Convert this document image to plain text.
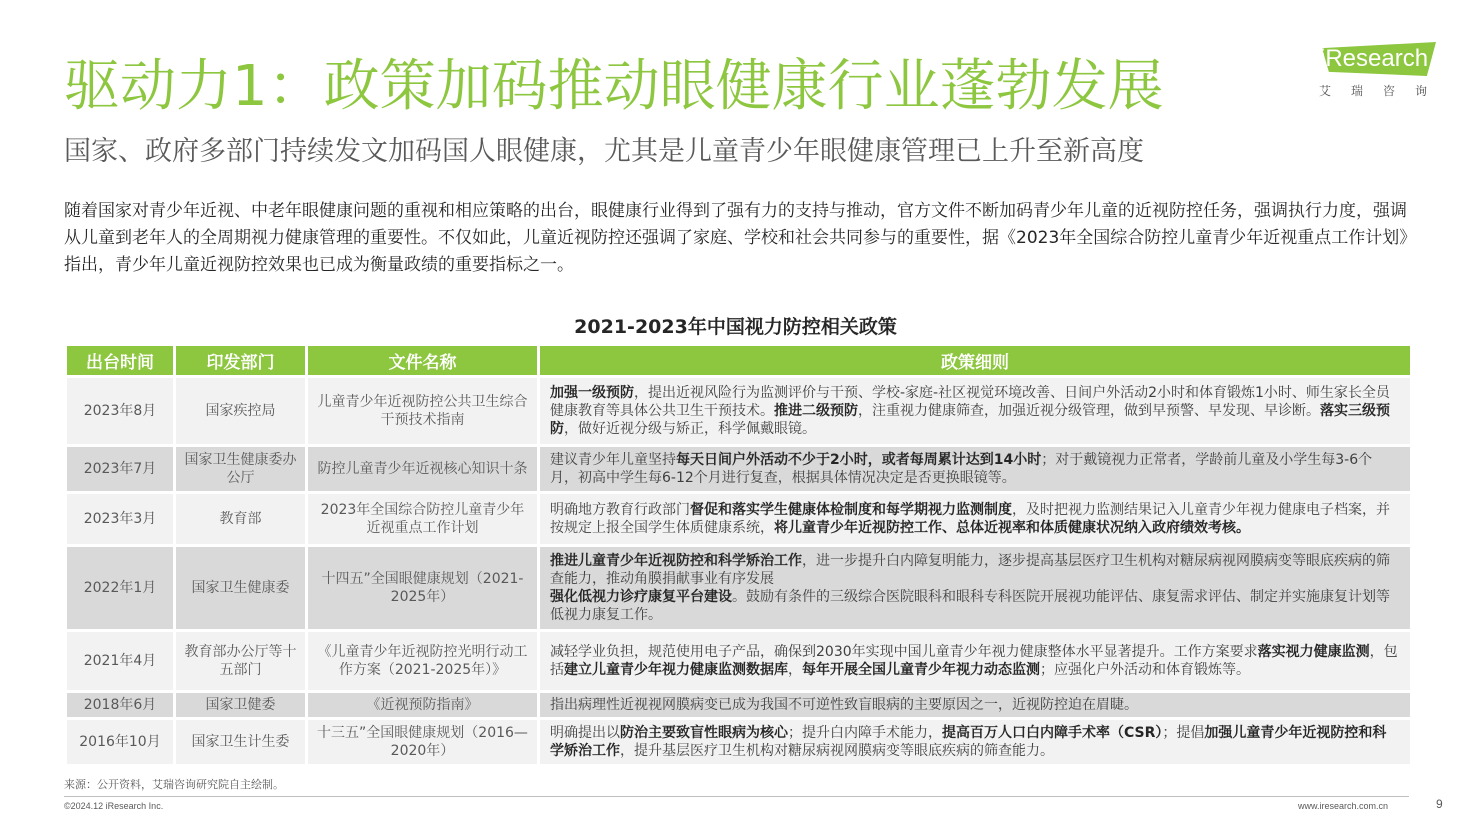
驱动力1：政策加码推动眼健康行业蓬勃发展
国家、政府多部门持续发文加码国人眼健康，尤其是儿童青少年眼健康管理已上升至新高度
iResearch
艾瑞咨询
随着国家对青少年近视、中老年眼健康问题的重视和相应策略的出台，眼健康行业得到了强有力的支持与推动，官方文件不断加码青少年儿童的近视防控任务，强调执行力度，强调从儿童到老年人的全周期视力健康管理的重要性。不仅如此，儿童近视防控还强调了家庭、学校和社会共同参与的重要性，据《2023年全国综合防控儿童青少年近视重点工作计划》指出，青少年儿童近视防控效果也已成为衡量政绩的重要指标之一。
2021-2023年中国视力防控相关政策
出台时间	印发部门	文件名称	政策细则
2023年8月	国家疾控局	儿童青少年近视防控公共卫生综合干预技术指南	加强一级预防，提出近视风险行为监测评价与干预、学校-家庭-社区视觉环境改善、日间户外活动2小时和体育锻炼1小时、师生家长全员健康教育等具体公共卫生干预技术。推进二级预防，注重视力健康筛查，加强近视分级管理，做到早预警、早发现、早诊断。落实三级预防，做好近视分级与矫正，科学佩戴眼镜。
2023年7月	国家卫生健康委办公厅	防控儿童青少年近视核心知识十条	建议青少年儿童坚持每天日间户外活动不少于2小时，或者每周累计达到14小时；对于戴镜视力正常者，学龄前儿童及小学生每3-6个月，初高中学生每6-12个月进行复查，根据具体情况决定是否更换眼镜等。
2023年3月	教育部	2023年全国综合防控儿童青少年近视重点工作计划	明确地方教育行政部门督促和落实学生健康体检制度和每学期视力监测制度，及时把视力监测结果记入儿童青少年视力健康电子档案，并按规定上报全国学生体质健康系统，将儿童青少年近视防控工作、总体近视率和体质健康状况纳入政府绩效考核。
2022年1月	国家卫生健康委	十四五”全国眼健康规划（2021-2025年）	推进儿童青少年近视防控和科学矫治工作，进一步提升白内障复明能力，逐步提高基层医疗卫生机构对糖尿病视网膜病变等眼底疾病的筛查能力，推动角膜捐献事业有序发展
强化低视力诊疗康复平台建设。鼓励有条件的三级综合医院眼科和眼科专科医院开展视功能评估、康复需求评估、制定并实施康复计划等低视力康复工作。
2021年4月	教育部办公厅等十五部门	《儿童青少年近视防控光明行动工作方案（2021-2025年）》	减轻学业负担，规范使用电子产品，确保到2030年实现中国儿童青少年视力健康整体水平显著提升。工作方案要求落实视力健康监测，包括建立儿童青少年视力健康监测数据库，每年开展全国儿童青少年视力动态监测；应强化户外活动和体育锻炼等。
2018年6月	国家卫健委	《近视预防指南》	指出病理性近视视网膜病变已成为我国不可逆性致盲眼病的主要原因之一，近视防控迫在眉睫。
2016年10月	国家卫生计生委	十三五”全国眼健康规划（2016—2020年）	明确提出以防治主要致盲性眼病为核心；提升白内障手术能力，提高百万人口白内障手术率（CSR）；提倡加强儿童青少年近视防控和科学矫治工作，提升基层医疗卫生机构对糖尿病视网膜病变等眼底疾病的筛查能力。
来源：公开资料，艾瑞咨询研究院自主绘制。
©2024.12 iResearch Inc.	www.iresearch.com.cn	9
